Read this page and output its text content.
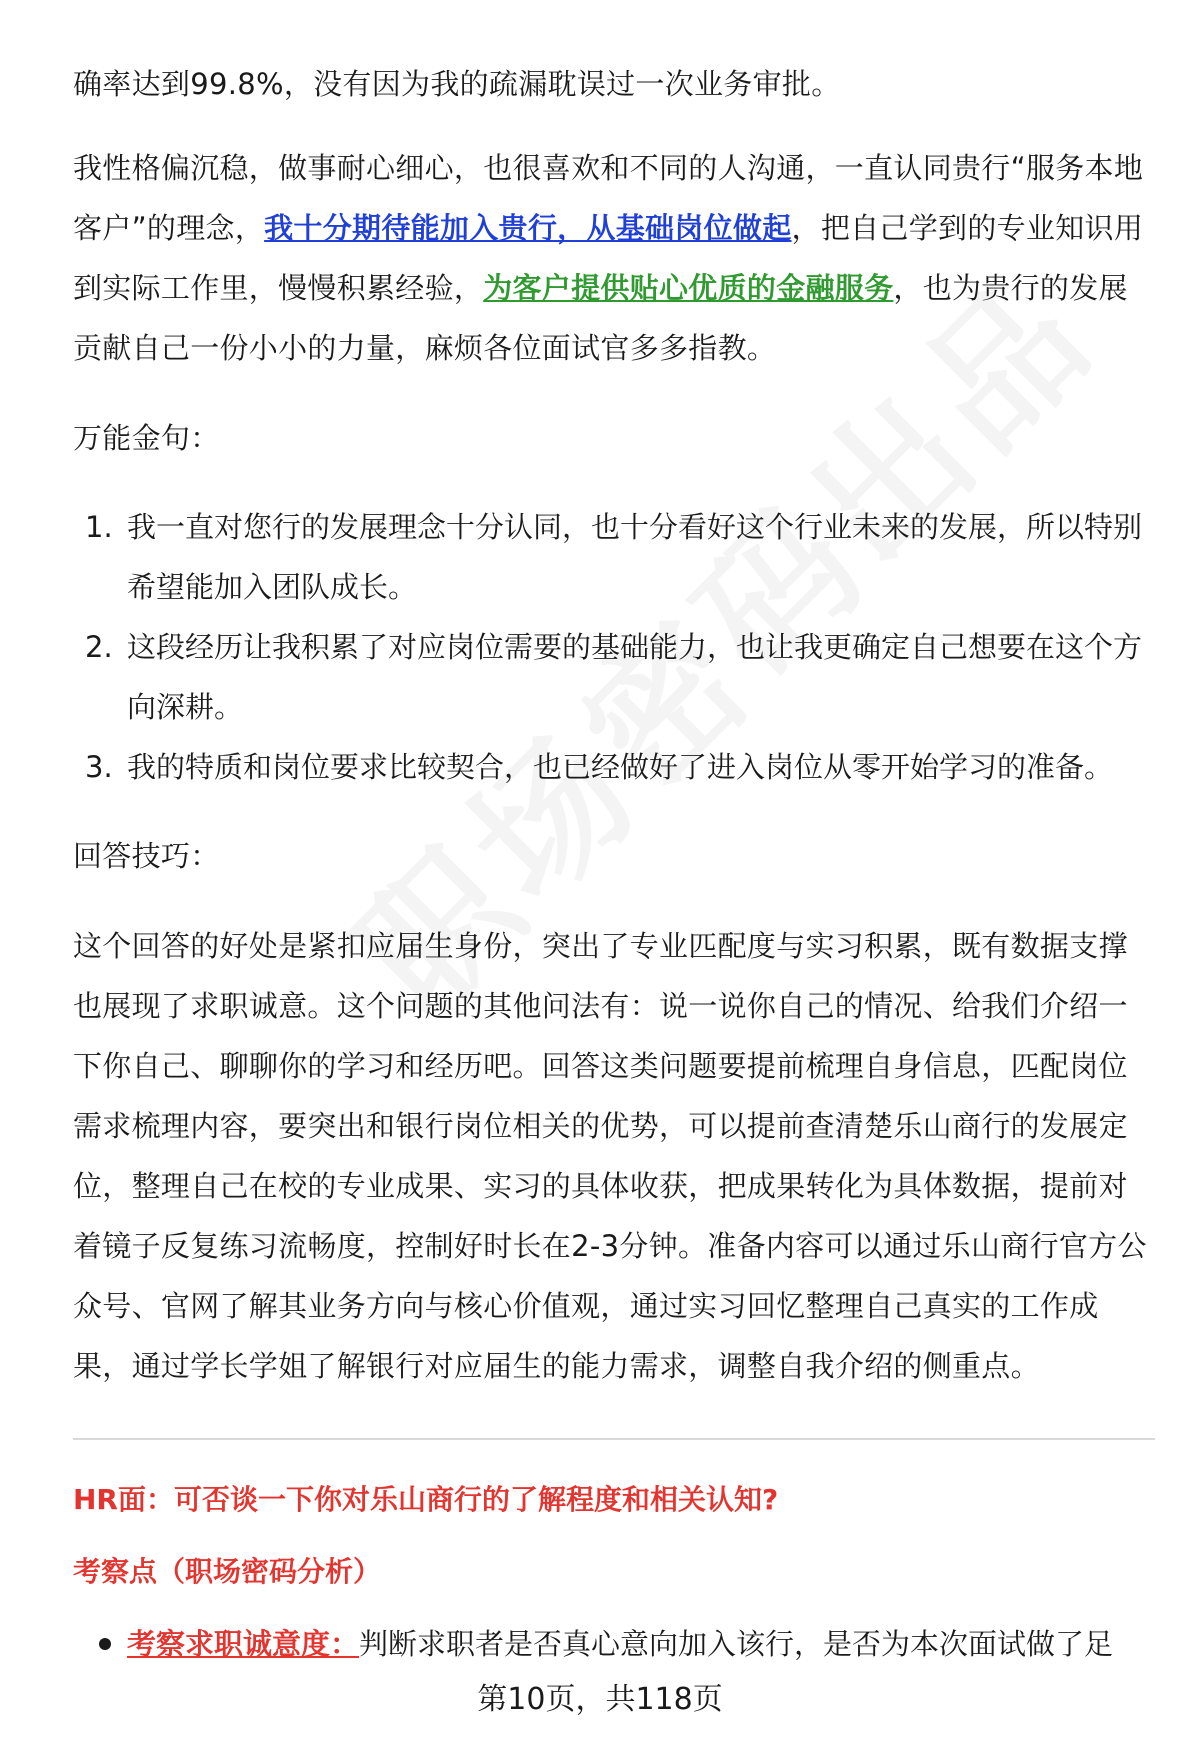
确率达到99.8%，没有因为我的疏漏耽误过一次业务审批。

我性格偏沉稳，做事耐心细心，也很喜欢和不同的人沟通，一直认同贵行“服务本地客户”的理念，我十分期待能加入贵行，从基础岗位做起，把自己学到的专业知识用到实际工作里，慢慢积累经验，为客户提供贴心优质的金融服务，也为贵行的发展贡献自己一份小小的力量，麻烦各位面试官多多指教。

万能金句：

1. 我一直对您行的发展理念十分认同，也十分看好这个行业未来的发展，所以特别希望能加入团队成长。
2. 这段经历让我积累了对应岗位需要的基础能力，也让我更确定自己想要在这个方向深耕。
3. 我的特质和岗位要求比较契合，也已经做好了进入岗位从零开始学习的准备。

回答技巧：

这个回答的好处是紧扣应届生身份，突出了专业匹配度与实习积累，既有数据支撑也展现了求职诚意。这个问题的其他问法有：说一说你自己的情况、给我们介绍一下你自己、聊聊你的学习和经历吧。回答这类问题要提前梳理自身信息，匹配岗位需求梳理内容，要突出和银行岗位相关的优势，可以提前查清楚乐山商行的发展定位，整理自己在校的专业成果、实习的具体收获，把成果转化为具体数据，提前对着镜子反复练习流畅度，控制好时长在2-3分钟。准备内容可以通过乐山商行官方公众号、官网了解其业务方向与核心价值观，通过实习回忆整理自己真实的工作成果，通过学长学姐了解银行对应届生的能力需求，调整自我介绍的侧重点。

HR面：可否谈一下你对乐山商行的了解程度和相关认知?

考察点（职场密码分析）

考察求职诚意度：判断求职者是否真心意向加入该行，是否为本次面试做了足

第10页，共118页
